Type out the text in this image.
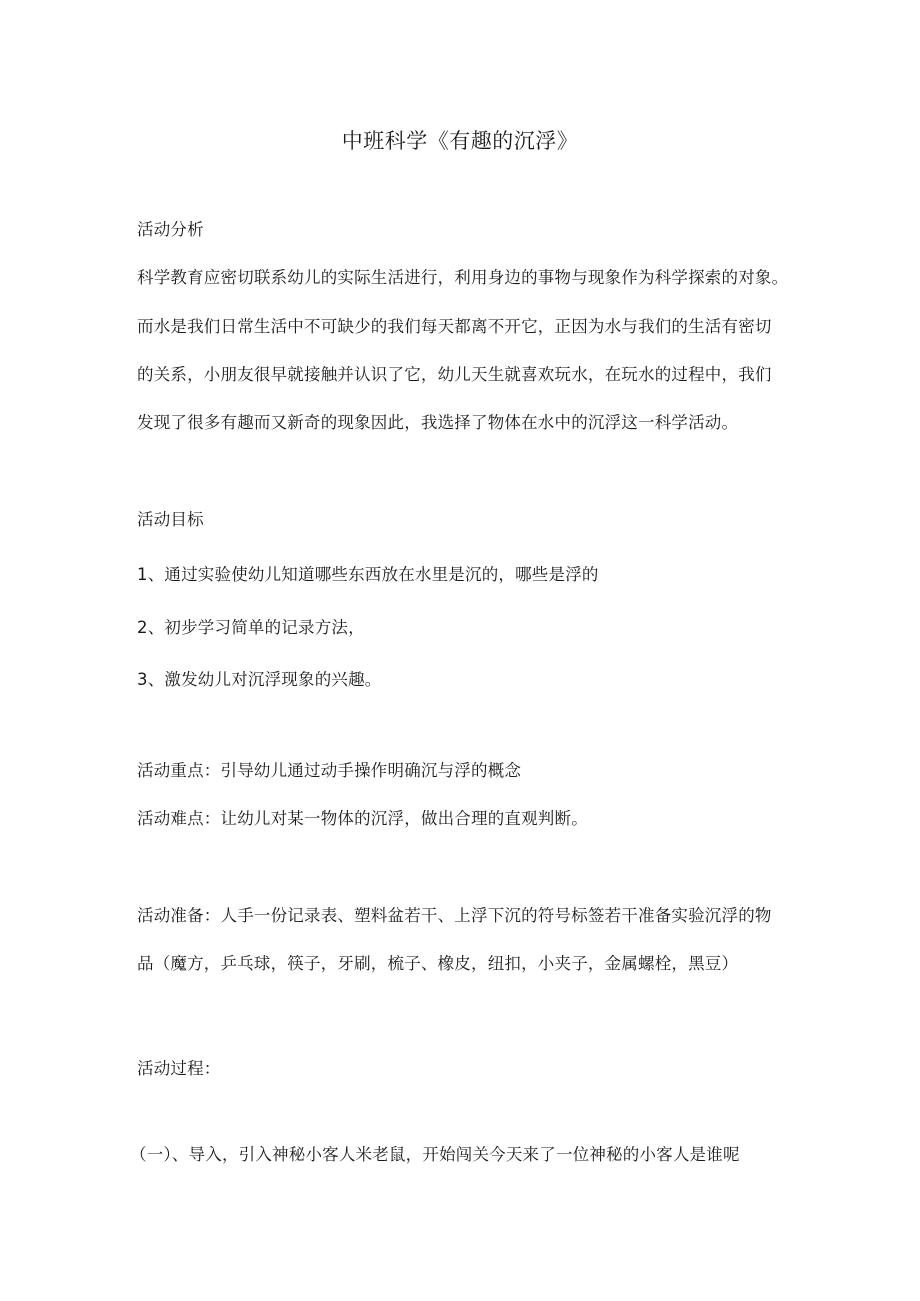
中班科学《有趣的沉浮》
活动分析
科学教育应密切联系幼儿的实际生活进行，利用身边的事物与现象作为科学探索的对象。
而水是我们日常生活中不可缺少的我们每天都离不开它，正因为水与我们的生活有密切
的关系，小朋友很早就接触并认识了它，幼儿天生就喜欢玩水，在玩水的过程中，我们
发现了很多有趣而又新奇的现象因此，我选择了物体在水中的沉浮这一科学活动。
活动目标
1、通过实验使幼儿知道哪些东西放在水里是沉的，哪些是浮的
2、初步学习简单的记录方法，
3、激发幼儿对沉浮现象的兴趣。
活动重点：引导幼儿通过动手操作明确沉与浮的概念
活动难点：让幼儿对某一物体的沉浮，做出合理的直观判断。
活动准备：人手一份记录表、塑料盆若干、上浮下沉的符号标签若干准备实验沉浮的物
品（魔方，乒乓球，筷子，牙刷，梳子、橡皮，纽扣，小夹子，金属螺栓，黑豆）
活动过程：
（一）、导入，引入神秘小客人米老鼠，开始闯关今天来了一位神秘的小客人是谁呢
